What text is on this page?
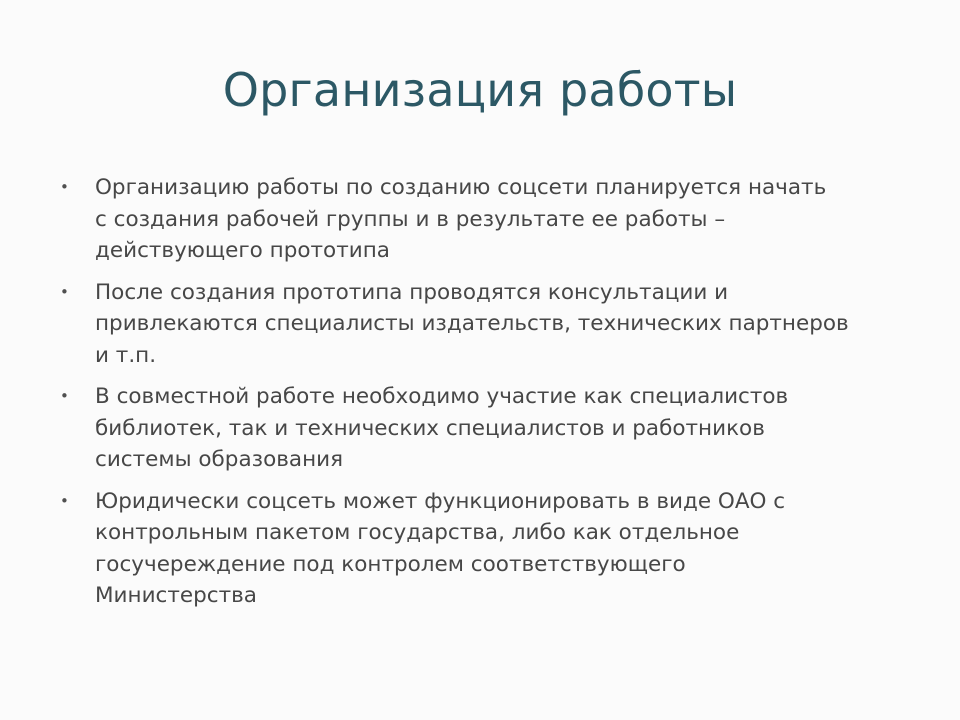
Организация работы
•	Организацию работы по созданию соцсети планируется начать
с создания рабочей группы и в результате ее работы –
действующего прототипа
•	После создания прототипа проводятся консультации и
привлекаются специалисты издательств, технических партнеров
и т.п.
•	В совместной работе необходимо участие как специалистов
библиотек, так и технических специалистов и работников
системы образования
•	Юридически соцсеть может функционировать в виде ОАО с
контрольным пакетом государства, либо как отдельное
госучереждение под контролем соответствующего
Министерства
